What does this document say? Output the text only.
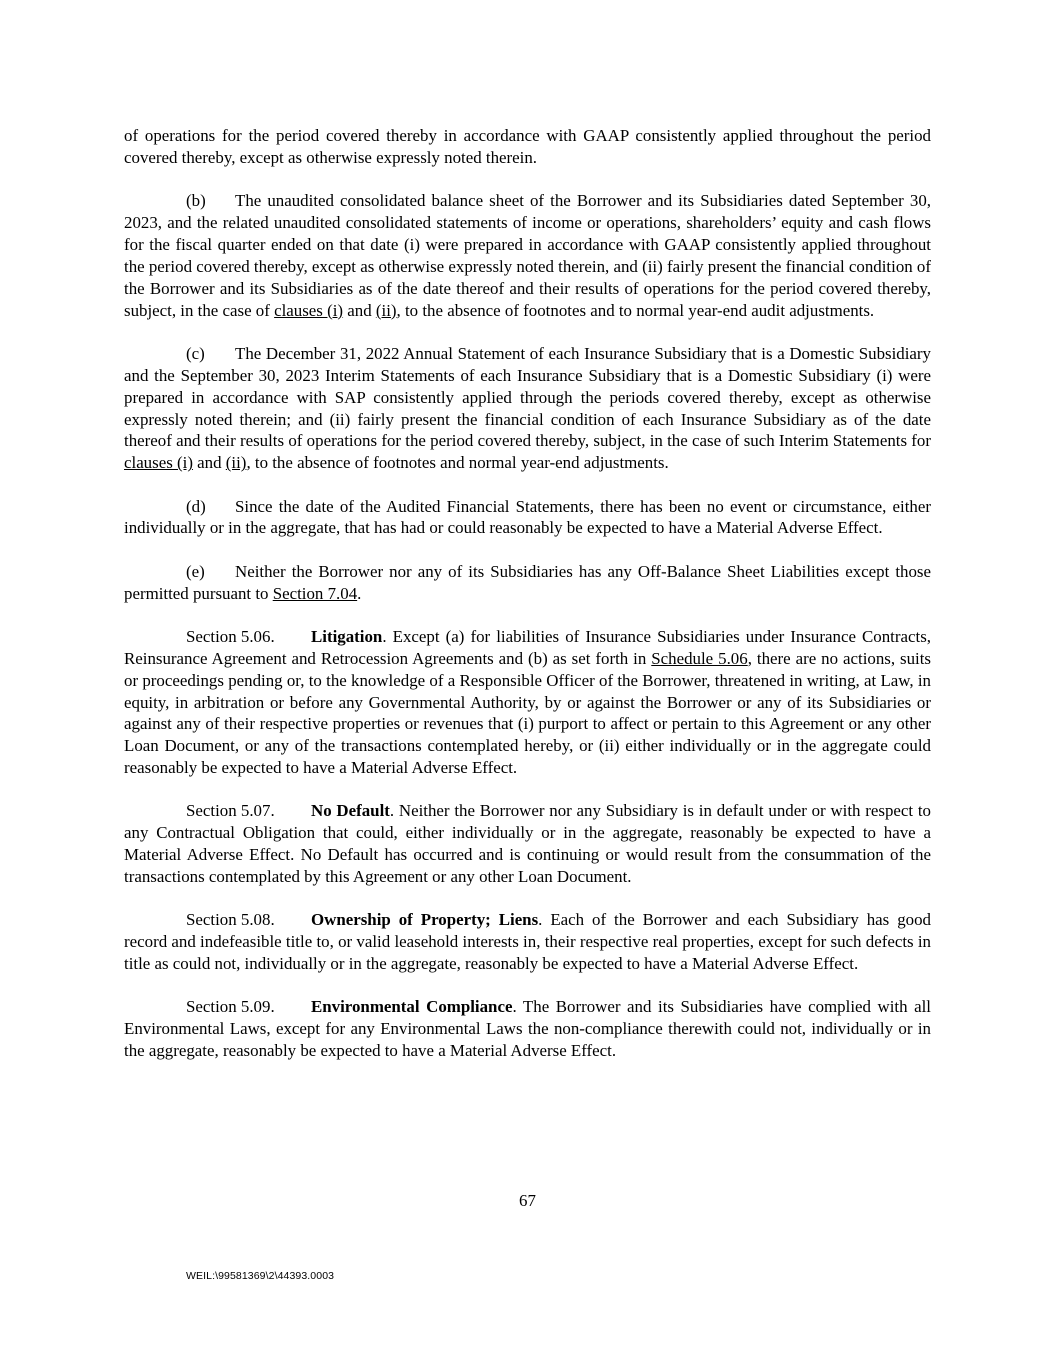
of operations for the period covered thereby in accordance with GAAP consistently applied throughout the period covered thereby, except as otherwise expressly noted therein.

(b) The unaudited consolidated balance sheet of the Borrower and its Subsidiaries dated September 30, 2023, and the related unaudited consolidated statements of income or operations, shareholders’ equity and cash flows for the fiscal quarter ended on that date (i) were prepared in accordance with GAAP consistently applied throughout the period covered thereby, except as otherwise expressly noted therein, and (ii) fairly present the financial condition of the Borrower and its Subsidiaries as of the date thereof and their results of operations for the period covered thereby, subject, in the case of clauses (i) and (ii), to the absence of footnotes and to normal year-end audit adjustments.

(c) The December 31, 2022 Annual Statement of each Insurance Subsidiary that is a Domestic Subsidiary and the September 30, 2023 Interim Statements of each Insurance Subsidiary that is a Domestic Subsidiary (i) were prepared in accordance with SAP consistently applied through the periods covered thereby, except as otherwise expressly noted therein; and (ii) fairly present the financial condition of each Insurance Subsidiary as of the date thereof and their results of operations for the period covered thereby, subject, in the case of such Interim Statements for clauses (i) and (ii), to the absence of footnotes and normal year-end adjustments.

(d) Since the date of the Audited Financial Statements, there has been no event or circumstance, either individually or in the aggregate, that has had or could reasonably be expected to have a Material Adverse Effect.

(e) Neither the Borrower nor any of its Subsidiaries has any Off-Balance Sheet Liabilities except those permitted pursuant to Section 7.04.

Section 5.06. Litigation. Except (a) for liabilities of Insurance Subsidiaries under Insurance Contracts, Reinsurance Agreement and Retrocession Agreements and (b) as set forth in Schedule 5.06, there are no actions, suits or proceedings pending or, to the knowledge of a Responsible Officer of the Borrower, threatened in writing, at Law, in equity, in arbitration or before any Governmental Authority, by or against the Borrower or any of its Subsidiaries or against any of their respective properties or revenues that (i) purport to affect or pertain to this Agreement or any other Loan Document, or any of the transactions contemplated hereby, or (ii) either individually or in the aggregate could reasonably be expected to have a Material Adverse Effect.

Section 5.07. No Default. Neither the Borrower nor any Subsidiary is in default under or with respect to any Contractual Obligation that could, either individually or in the aggregate, reasonably be expected to have a Material Adverse Effect. No Default has occurred and is continuing or would result from the consummation of the transactions contemplated by this Agreement or any other Loan Document.

Section 5.08. Ownership of Property; Liens. Each of the Borrower and each Subsidiary has good record and indefeasible title to, or valid leasehold interests in, their respective real properties, except for such defects in title as could not, individually or in the aggregate, reasonably be expected to have a Material Adverse Effect.

Section 5.09. Environmental Compliance. The Borrower and its Subsidiaries have complied with all Environmental Laws, except for any Environmental Laws the non-compliance therewith could not, individually or in the aggregate, reasonably be expected to have a Material Adverse Effect.

67
WEIL:\99581369\2\44393.0003
